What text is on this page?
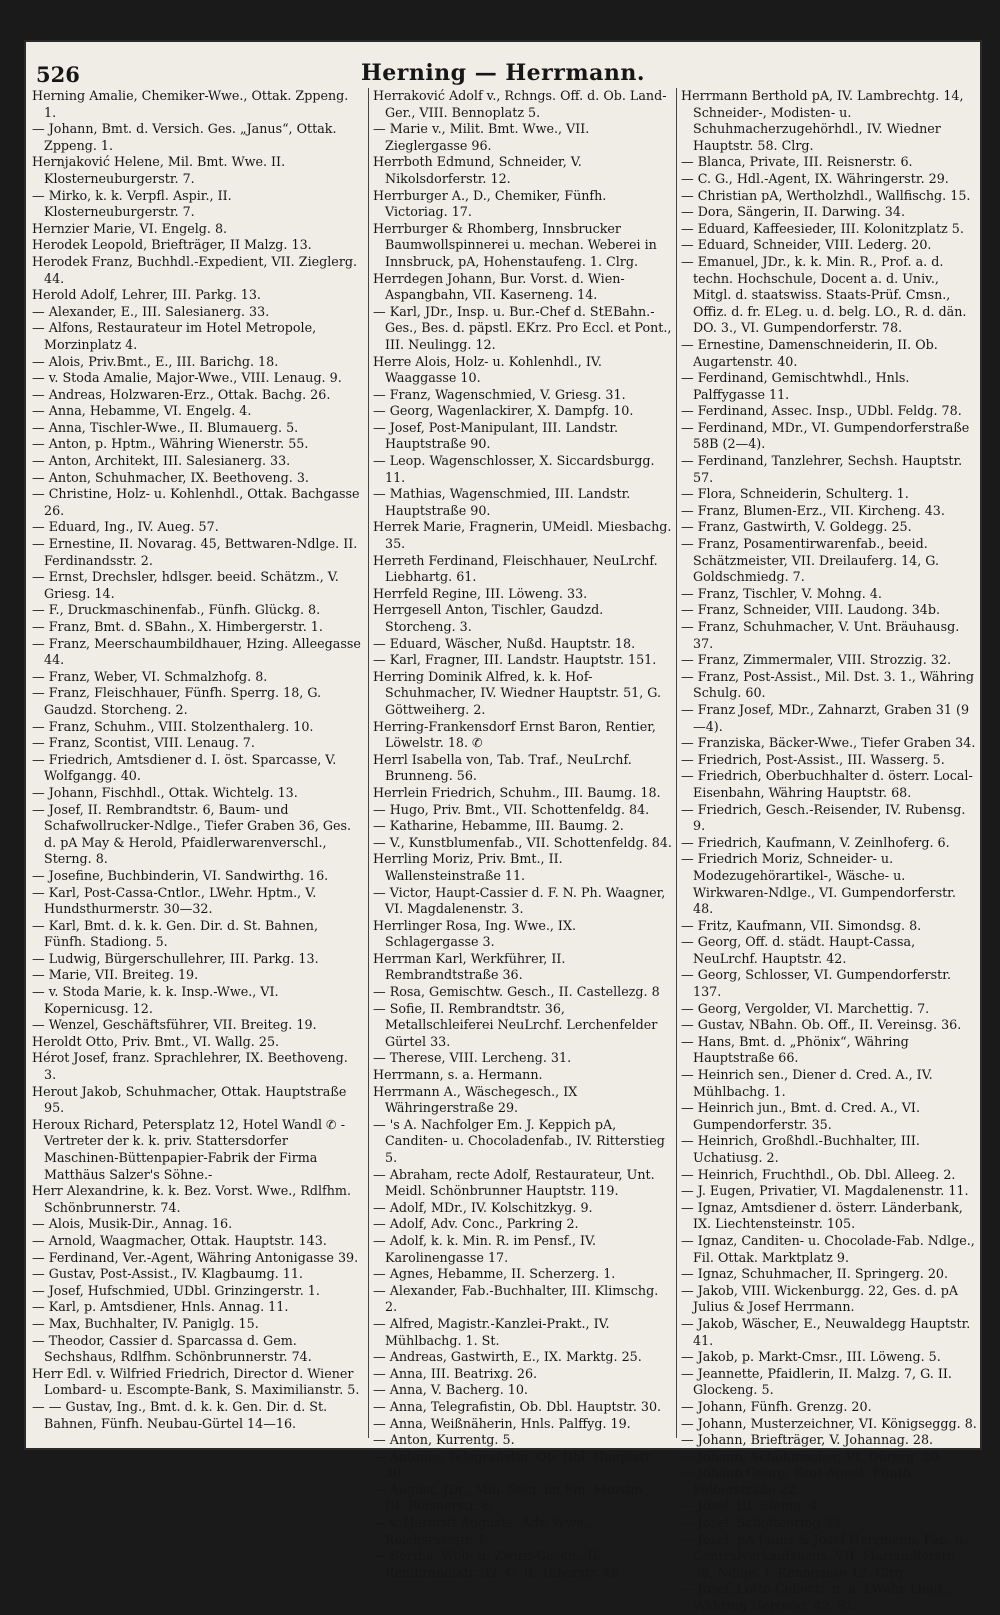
526	Herning — Herrmann.

Herning Amalie, Chemiker-Wwe., Ottak. Zppeng. 1.

— Johann, Bmt. d. Versich. Ges. „Janus“, Ottak. Zppeng. 1.

Hernjaković Helene, Mil. Bmt. Wwe. II. Klosterneuburgerstr. 7.

— Mirko, k. k. Verpfl. Aspir., II. Klosterneuburgerstr. 7.

Hernzier Marie, VI. Engelg. 8.

Herodek Leopold, Briefträger, II Malzg. 13.

Herodek Franz, Buchhdl.-Expedient, VII. Zieglerg. 44.

Herold Adolf, Lehrer, III. Parkg. 13.

— Alexander, E., III. Salesianerg. 33.

— Alfons, Restaurateur im Hotel Metropole, Morzinplatz 4.

— Alois, Priv.Bmt., E., III. Barichg. 18.

— v. Stoda Amalie, Major-Wwe., VIII. Lenaug. 9.

— Andreas, Holzwaren-Erz., Ottak. Bachg. 26.

— Anna, Hebamme, VI. Engelg. 4.

— Anna, Tischler-Wwe., II. Blumauerg. 5.

— Anton, p. Hptm., Währing Wienerstr. 55.

— Anton, Architekt, III. Salesianerg. 33.

— Anton, Schuhmacher, IX. Beethoveng. 3.

— Christine, Holz- u. Kohlenhdl., Ottak. Bachgasse 26.

— Eduard, Ing., IV. Aueg. 57.

— Ernestine, II. Novarag. 45, Bettwaren-Ndlge. II. Ferdinandsstr. 2.

— Ernst, Drechsler, hdlsger. beeid. Schätzm., V. Griesg. 14.

— F., Druckmaschinenfab., Fünfh. Glückg. 8.

— Franz, Bmt. d. SBahn., X. Himbergerstr. 1.

— Franz, Meerschaumbildhauer, Hzing. Alleegasse 44.

— Franz, Weber, VI. Schmalzhofg. 8.

— Franz, Fleischhauer, Fünfh. Sperrg. 18, G. Gaudzd. Storcheng. 2.

— Franz, Schuhm., VIII. Stolzenthalerg. 10.

— Franz, Scontist, VIII. Lenaug. 7.

— Friedrich, Amtsdiener d. I. öst. Sparcasse, V. Wolfgangg. 40.

— Johann, Fischhdl., Ottak. Wichtelg. 13.

— Josef, II. Rembrandtstr. 6, Baum- und Schafwollrucker-Ndlge., Tiefer Graben 36, Ges. d. pA May & Herold, Pfaidlerwarenverschl., Sterng. 8.

— Josefine, Buchbinderin, VI. Sandwirthg. 16.

— Karl, Post-Cassa-Cntlor., LWehr. Hptm., V. Hundsthurmerstr. 30—32.

— Karl, Bmt. d. k. k. Gen. Dir. d. St. Bahnen, Fünfh. Stadiong. 5.

— Ludwig, Bürgerschullehrer, III. Parkg. 13.

— Marie, VII. Breiteg. 19.

— v. Stoda Marie, k. k. Insp.-Wwe., VI. Kopernicusg. 12.

— Wenzel, Geschäftsführer, VII. Breiteg. 19.

Heroldt Otto, Priv. Bmt., VI. Wallg. 25.

Hérot Josef, franz. Sprachlehrer, IX. Beethoveng. 3.

Herout Jakob, Schuhmacher, Ottak. Hauptstraße 95.

Heroux Richard, Petersplatz 12, Hotel Wandl ✆ -Vertreter der k. k. priv. Stattersdorfer Maschinen-Büttenpapier-Fabrik der Firma Matthäus Salzer's Söhne.-

Herr Alexandrine, k. k. Bez. Vorst. Wwe., Rdlfhm. Schönbrunnerstr. 74.

— Alois, Musik-Dir., Annag. 16.

— Arnold, Waagmacher, Ottak. Hauptstr. 143.

— Ferdinand, Ver.-Agent, Währing Antonigasse 39.

— Gustav, Post-Assist., IV. Klagbaumg. 11.

— Josef, Hufschmied, UDbl. Grinzingerstr. 1.

— Karl, p. Amtsdiener, Hnls. Annag. 11.

— Max, Buchhalter, IV. Paniglg. 15.

— Theodor, Cassier d. Sparcassa d. Gem. Sechshaus, Rdlfhm. Schönbrunnerstr. 74.

Herr Edl. v. Wilfried Friedrich, Director d. Wiener Lombard- u. Escompte-Bank, S. Maximilianstr. 5.

— — Gustav, Ing., Bmt. d. k. k. Gen. Dir. d. St. Bahnen, Fünfh. Neubau-Gürtel 14—16.

Herraković Adolf v., Rchngs. Off. d. Ob. Land-Ger., VIII. Bennoplatz 5.

— Marie v., Milit. Bmt. Wwe., VII. Zieglergasse 96.

Herrboth Edmund, Schneider, V. Nikolsdorferstr. 12.

Herrburger A., D., Chemiker, Fünfh. Victoriag. 17.

Herrburger & Rhomberg, Innsbrucker Baumwollspinnerei u. mechan. Weberei in Innsbruck, pA, Hohenstaufeng. 1. Clrg.

Herrdegen Johann, Bur. Vorst. d. Wien-Aspangbahn, VII. Kaserneng. 14.

— Karl, JDr., Insp. u. Bur.-Chef d. StEBahn.-Ges., Bes. d. päpstl. EKrz. Pro Eccl. et Pont., III. Neulingg. 12.

Herre Alois, Holz- u. Kohlenhdl., IV. Waaggasse 10.

— Franz, Wagenschmied, V. Griesg. 31.

— Georg, Wagenlackirer, X. Dampfg. 10.

— Josef, Post-Manipulant, III. Landstr. Hauptstraße 90.

— Leop. Wagenschlosser, X. Siccardsburgg. 11.

— Mathias, Wagenschmied, III. Landstr. Hauptstraße 90.

Herrek Marie, Fragnerin, UMeidl. Miesbachg. 35.

Herreth Ferdinand, Fleischhauer, NeuLrchf. Liebhartg. 61.

Herrfeld Regine, III. Löweng. 33.

Herrgesell Anton, Tischler, Gaudzd. Storcheng. 3.

— Eduard, Wäscher, Nußd. Hauptstr. 18.

— Karl, Fragner, III. Landstr. Hauptstr. 151.

Herring Dominik Alfred, k. k. Hof-Schuhmacher, IV. Wiedner Hauptstr. 51, G. Göttweiherg. 2.

Herring-Frankensdorf Ernst Baron, Rentier, Löwelstr. 18. ✆

Herrl Isabella von, Tab. Traf., NeuLrchf. Brunneng. 56.

Herrlein Friedrich, Schuhm., III. Baumg. 18.

— Hugo, Priv. Bmt., VII. Schottenfeldg. 84.

— Katharine, Hebamme, III. Baumg. 2.

— V., Kunstblumenfab., VII. Schottenfeldg. 84.

Herrling Moriz, Priv. Bmt., II. Wallensteinstraße 11.

— Victor, Haupt-Cassier d. F. N. Ph. Waagner, VI. Magdalenenstr. 3.

Herrlinger Rosa, Ing. Wwe., IX. Schlagergasse 3.

Herrman Karl, Werkführer, II. Rembrandtstraße 36.

— Rosa, Gemischtw. Gesch., II. Castellezg. 8

— Sofie, II. Rembrandtstr. 36, Metallschleiferei NeuLrchf. Lerchenfelder Gürtel 33.

— Therese, VIII. Lercheng. 31.

Herrmann, s. a. Hermann.

Herrmann A., Wäschegesch., IX Währingerstraße 29.

— 's A. Nachfolger Em. J. Keppich pA, Canditen- u. Chocoladenfab., IV. Ritterstieg 5.

— Abraham, recte Adolf, Restaurateur, Unt. Meidl. Schönbrunner Hauptstr. 119.

— Adolf, MDr., IV. Kolschitzkyg. 9.

— Adolf, Adv. Conc., Parkring 2.

— Adolf, k. k. Min. R. im Pensf., IV. Karolinengasse 17.

— Agnes, Hebamme, II. Scherzerg. 1.

— Alexander, Fab.-Buchhalter, III. Klimschg. 2.

— Alfred, Magistr.-Kanzlei-Prakt., IV. Mühlbachg. 1. St.

— Andreas, Gastwirth, E., IX. Marktg. 25.

— Anna, III. Beatrixg. 26.

— Anna, V. Bacherg. 10.

— Anna, Telegrafistin, Ob. Dbl. Hauptstr. 30.

— Anna, Weißnäherin, Hnls. Palffyg. 19.

— Anton, Kurrentg. 5.

— Antonie, Telegrafistin, Ob. Dbl. Hauptstr. 30.

— August, JDr., Min. Secr. im Fin. Minstm., III. Reisnerstr. 6.

— v. Hernritt Auguste, Adv. Wwe., Reichsratsstr. 1.

— Bertha, Woll- u. Zwirn-Gesch., II. Rembrandtstr. 32, G. II. Taborstr. 48.

Herrmann Berthold pA, IV. Lambrechtg. 14, Schneider-, Modisten- u. Schuhmacherzugehörhdl., IV. Wiedner Hauptstr. 58. Clrg.

— Blanca, Private, III. Reisnerstr. 6.

— C. G., Hdl.-Agent, IX. Währingerstr. 29.

— Christian pA, Wertholzhdl., Wallfischg. 15.

— Dora, Sängerin, II. Darwing. 34.

— Eduard, Kaffeesieder, III. Kolonitzplatz 5.

— Eduard, Schneider, VIII. Lederg. 20.

— Emanuel, JDr., k. k. Min. R., Prof. a. d. techn. Hochschule, Docent a. d. Univ., Mitgl. d. staatswiss. Staats-Prüf. Cmsn., Offiz. d. fr. ELeg. u. d. belg. LO., R. d. dän. DO. 3., VI. Gumpendorferstr. 78.

— Ernestine, Damenschneiderin, II. Ob. Augartenstr. 40.

— Ferdinand, Gemischtwhdl., Hnls. Palffygasse 11.

— Ferdinand, Assec. Insp., UDbl. Feldg. 78.

— Ferdinand, MDr., VI. Gumpendorferstraße 58B (2—4).

— Ferdinand, Tanzlehrer, Sechsh. Hauptstr. 57.

— Flora, Schneiderin, Schulterg. 1.

— Franz, Blumen-Erz., VII. Kircheng. 43.

— Franz, Gastwirth, V. Goldegg. 25.

— Franz, Posamentirwarenfab., beeid. Schätzmeister, VII. Dreilauferg. 14, G. Goldschmiedg. 7.

— Franz, Tischler, V. Mohng. 4.

— Franz, Schneider, VIII. Laudong. 34b.

— Franz, Schuhmacher, V. Unt. Bräuhausg. 37.

— Franz, Zimmermaler, VIII. Strozzig. 32.

— Franz, Post-Assist., Mil. Dst. 3. 1., Währing Schulg. 60.

— Franz Josef, MDr., Zahnarzt, Graben 31 (9—4).

— Franziska, Bäcker-Wwe., Tiefer Graben 34.

— Friedrich, Post-Assist., III. Wasserg. 5.

— Friedrich, Oberbuchhalter d. österr. Local-Eisenbahn, Währing Hauptstr. 68.

— Friedrich, Gesch.-Reisender, IV. Rubensg. 9.

— Friedrich, Kaufmann, V. Zeinlhoferg. 6.

— Friedrich Moriz, Schneider- u. Modezugehörartikel-, Wäsche- u. Wirkwaren-Ndlge., VI. Gumpendorferstr. 48.

— Fritz, Kaufmann, VII. Simondsg. 8.

— Georg, Off. d. städt. Haupt-Cassa, NeuLrchf. Hauptstr. 42.

— Georg, Schlosser, VI. Gumpendorferstr. 137.

— Georg, Vergolder, VI. Marchettig. 7.

— Gustav, NBahn. Ob. Off., II. Vereinsg. 36.

— Hans, Bmt. d. „Phönix“, Währing Hauptstraße 66.

— Heinrich sen., Diener d. Cred. A., IV. Mühlbachg. 1.

— Heinrich jun., Bmt. d. Cred. A., VI. Gumpendorferstr. 35.

— Heinrich, Großhdl.-Buchhalter, III. Uchatiusg. 2.

— Heinrich, Fruchthdl., Ob. Dbl. Alleeg. 2.

— J. Eugen, Privatier, VI. Magdalenenstr. 11.

— Ignaz, Amtsdiener d. österr. Länderbank, IX. Liechtensteinstr. 105.

— Ignaz, Canditen- u. Chocolade-Fab. Ndlge., Fil. Ottak. Marktplatz 9.

— Ignaz, Schuhmacher, II. Springerg. 20.

— Jakob, VIII. Wickenburgg. 22, Ges. d. pA Julius & Josef Herrmann.

— Jakob, Wäscher, E., Neuwaldegg Hauptstr. 41.

— Jakob, p. Markt-Cmsr., III. Löweng. 5.

— Jeannette, Pfaidlerin, II. Malzg. 7, G. II. Glockeng. 5.

— Johann, Fünfh. Grenzg. 20.

— Johann, Musterzeichner, VI. Königseggg. 8.

— Johann, Briefträger, V. Johannag. 28.

— Johann, Schuhmacher, VI. Dürerg. 20.

— Johann Georg, Brot-Agent, Fünfh. Felberstraße 22.

— Josef, III. Steing. 4.

— Josef, Schottenring 22.

— Josef, pA Julius & Josef Herrmann, Fab. u. Centralverkaufshaus, VII. Mariahilferstr. 36, Ndlge. I. Renngasse 12. Clrg.

— Josef, Lotto-Collect., n. a. LWehr-Lieut., Währing Herreng. 42. St.
